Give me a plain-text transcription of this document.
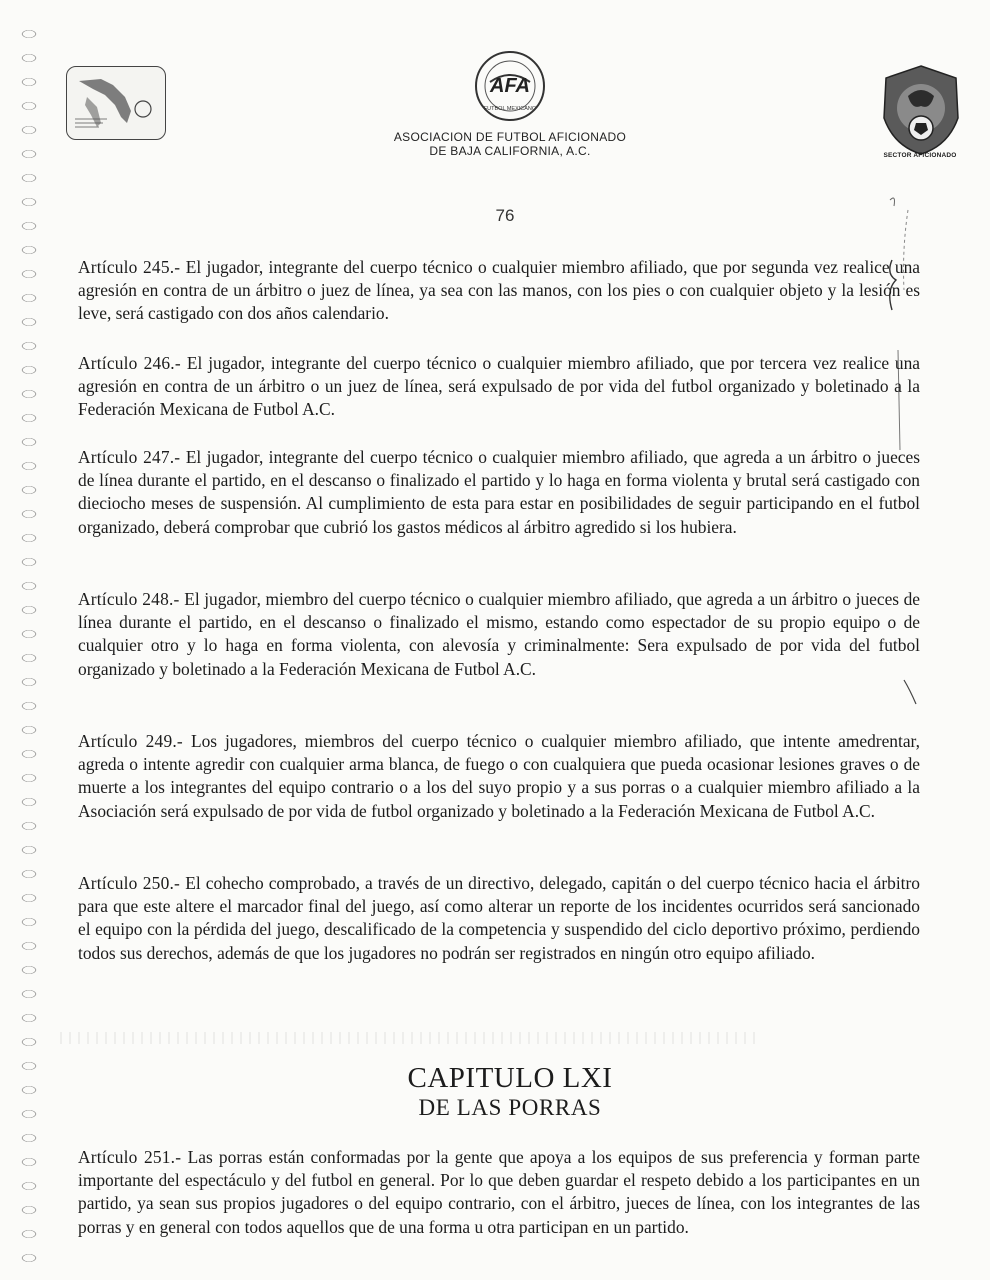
AFA
FUTBOL MEXICANO
ASOCIACION DE FUTBOL AFICIONADO
DE BAJA CALIFORNIA, A.C.	SECTOR AFICIONADO
76
Artículo 245.- El jugador, integrante del cuerpo técnico o cualquier miembro afiliado, que por segunda vez realice una agresión en contra de un árbitro o juez de línea, ya sea con las manos, con los pies o con cualquier objeto y la lesión es leve, será castigado con dos años calendario.
Artículo 246.- El jugador, integrante del cuerpo técnico o cualquier miembro afiliado, que por tercera vez realice una agresión en contra de un árbitro o un juez de línea, será expulsado de por vida del futbol organizado y boletinado a la Federación Mexicana de Futbol A.C.
Artículo 247.- El jugador, integrante del cuerpo técnico o cualquier miembro afiliado, que agreda a un árbitro o jueces de línea durante el partido, en el descanso o finalizado el partido y lo haga en forma violenta y brutal será castigado con dieciocho meses de suspensión. Al cumplimiento de esta para estar en posibilidades de seguir participando en el futbol organizado, deberá comprobar que cubrió los gastos médicos al árbitro agredido si los hubiera.
Artículo 248.- El jugador, miembro del cuerpo técnico o cualquier miembro afiliado, que agreda a un árbitro o jueces de línea durante el partido, en el descanso o finalizado el mismo, estando como espectador de su propio equipo o de cualquier otro y lo haga en forma violenta, con alevosía y criminalmente: Sera expulsado de por vida del futbol organizado y boletinado a la Federación Mexicana de Futbol A.C.
Artículo 249.- Los jugadores, miembros del cuerpo técnico o cualquier miembro afiliado, que intente amedrentar, agreda o intente agredir con cualquier arma blanca, de fuego o con cualquiera que pueda ocasionar lesiones graves o de muerte a los integrantes del equipo contrario o a los del suyo propio y a sus porras o a cualquier miembro afiliado a la Asociación será expulsado de por vida de futbol organizado y boletinado a la Federación Mexicana de Futbol A.C.
Artículo 250.- El cohecho comprobado, a través de un directivo, delegado, capitán o del cuerpo técnico hacia el árbitro para que este altere el marcador final del juego, así como alterar un reporte de los incidentes ocurridos será sancionado el equipo con la pérdida del juego, descalificado de la competencia y suspendido del ciclo deportivo próximo, perdiendo todos sus derechos, además de que los jugadores no podrán ser registrados en ningún otro equipo afiliado.
CAPITULO LXI
DE LAS PORRAS
Artículo 251.- Las porras están conformadas por la gente que apoya a los equipos de sus preferencia y forman parte importante del espectáculo y del futbol en general. Por lo que deben guardar el respeto debido a los participantes en un partido, ya sean sus propios jugadores o del equipo contrario, con el árbitro, jueces de línea, con los integrantes de las porras y en general con todos aquellos que de una forma u otra participan en un partido.
